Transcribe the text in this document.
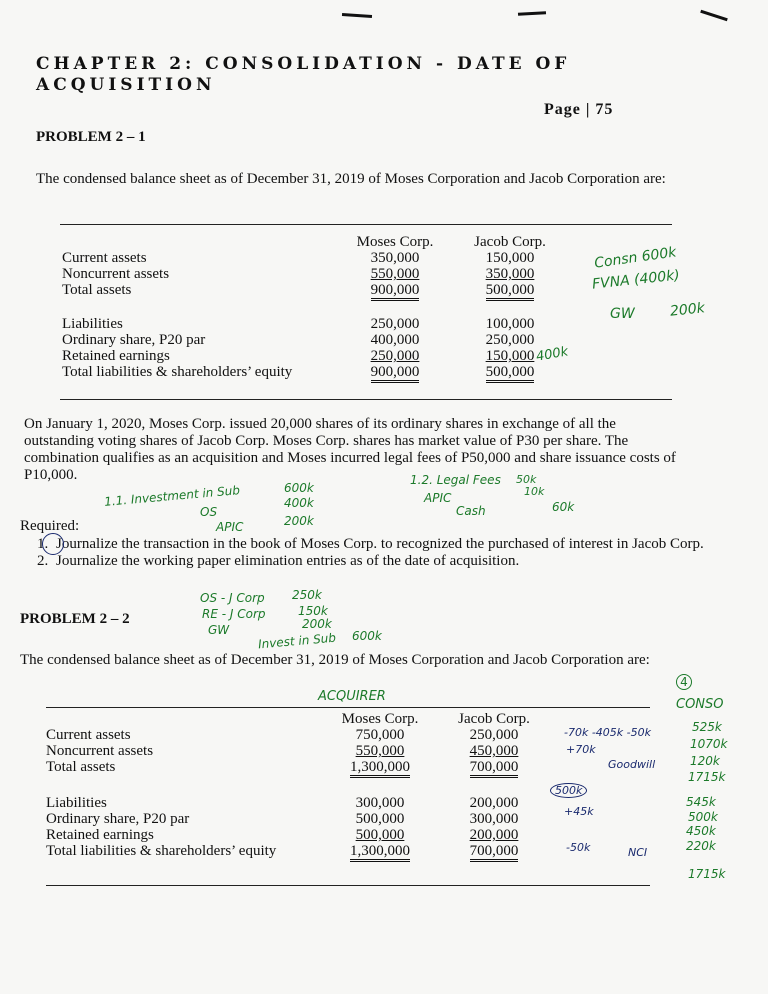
CHAPTER 2: CONSOLIDATION - DATE OF
ACQUISITION
Page | 75
PROBLEM 2 – 1
The condensed balance sheet as of December 31, 2019 of Moses Corporation and Jacob Corporation are:
	Moses Corp.	Jacob Corp.
Current assets	350,000	150,000
Noncurrent assets	550,000	350,000
Total assets	900,000	500,000

Liabilities	250,000	100,000
Ordinary share, P20 par	400,000	250,000
Retained earnings	250,000	150,000
Total liabilities & shareholders’ equity	900,000	500,000
Consn 600k
FVNA (400k)
GW 200k
400k
On January 1, 2020, Moses Corp. issued 20,000 shares of its ordinary shares in exchange of all the outstanding voting shares of Jacob Corp. Moses Corp. shares has market value of P30 per share. The combination qualifies as an acquisition and Moses incurred legal fees of P50,000 and share issuance costs of P10,000.
1.1. Investment in Sub	600k
OS
400k
APIC	200k
1.2. Legal Fees 50k
10k
APIC
Cash	60k
Required:
1. Journalize the transaction in the book of Moses Corp. to recognized the purchased of interest in Jacob Corp.
2. Journalize the working paper elimination entries as of the date of acquisition.
OS - J Corp 250k
RE - J Corp	150k
GW	200k
Invest in Sub 600k
PROBLEM 2 – 2
The condensed balance sheet as of December 31, 2019 of Moses Corporation and Jacob Corporation are:
4
ACQUIRER
CONSO
	Moses Corp.	Jacob Corp.
Current assets	750,000	250,000
Noncurrent assets	550,000	450,000
Total assets	1,300,000	700,000

Liabilities	300,000	200,000
Ordinary share, P20 par	500,000	300,000
Retained earnings	500,000	200,000
Total liabilities & shareholders’ equity	1,300,000	700,000
-70k -405k -50k	525k
+70k	1070k
Goodwill	120k
1715k
500k
+45k
545k
500k
450k
-50k	NCI	220k
1715k
